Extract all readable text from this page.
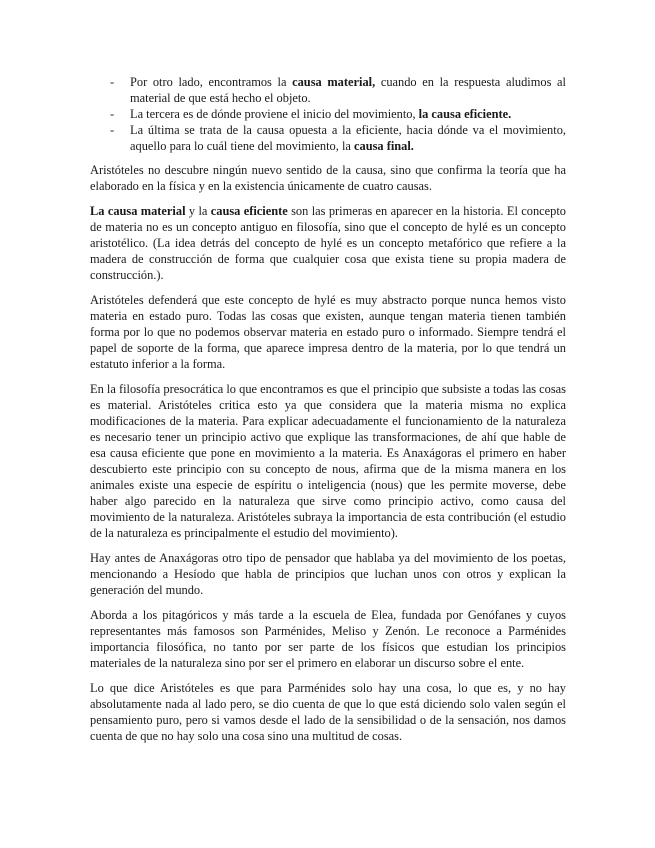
- Por otro lado, encontramos la causa material, cuando en la respuesta aludimos al material de que está hecho el objeto.
- La tercera es de dónde proviene el inicio del movimiento, la causa eficiente.
- La última se trata de la causa opuesta a la eficiente, hacia dónde va el movimiento, aquello para lo cuál tiene del movimiento, la causa final.

Aristóteles no descubre ningún nuevo sentido de la causa, sino que confirma la teoría que ha elaborado en la física y en la existencia únicamente de cuatro causas.

La causa material y la causa eficiente son las primeras en aparecer en la historia. El concepto de materia no es un concepto antiguo en filosofía, sino que el concepto de hylé es un concepto aristotélico. (La idea detrás del concepto de hylé es un concepto metafórico que refiere a la madera de construcción de forma que cualquier cosa que exista tiene su propia madera de construcción.).

Aristóteles defenderá que este concepto de hylé es muy abstracto porque nunca hemos visto materia en estado puro. Todas las cosas que existen, aunque tengan materia tienen también forma por lo que no podemos observar materia en estado puro o informado. Siempre tendrá el papel de soporte de la forma, que aparece impresa dentro de la materia, por lo que tendrá un estatuto inferior a la forma.

En la filosofía presocrática lo que encontramos es que el principio que subsiste a todas las cosas es material. Aristóteles critica esto ya que considera que la materia misma no explica modificaciones de la materia. Para explicar adecuadamente el funcionamiento de la naturaleza es necesario tener un principio activo que explique las transformaciones, de ahí que hable de esa causa eficiente que pone en movimiento a la materia. Es Anaxágoras el primero en haber descubierto este principio con su concepto de nous, afirma que de la misma manera en los animales existe una especie de espíritu o inteligencia (nous) que les permite moverse, debe haber algo parecido en la naturaleza que sirve como principio activo, como causa del movimiento de la naturaleza. Aristóteles subraya la importancia de esta contribución (el estudio de la naturaleza es principalmente el estudio del movimiento).

Hay antes de Anaxágoras otro tipo de pensador que hablaba ya del movimiento de los poetas, mencionando a Hesíodo que habla de principios que luchan unos con otros y explican la generación del mundo.

Aborda a los pitagóricos y más tarde a la escuela de Elea, fundada por Genófanes y cuyos representantes más famosos son Parménides, Meliso y Zenón. Le reconoce a Parménides importancia filosófica, no tanto por ser parte de los físicos que estudian los principios materiales de la naturaleza sino por ser el primero en elaborar un discurso sobre el ente.

Lo que dice Aristóteles es que para Parménides solo hay una cosa, lo que es, y no hay absolutamente nada al lado pero, se dio cuenta de que lo que está diciendo solo valen según el pensamiento puro, pero si vamos desde el lado de la sensibilidad o de la sensación, nos damos cuenta de que no hay solo una cosa sino una multitud de cosas.
